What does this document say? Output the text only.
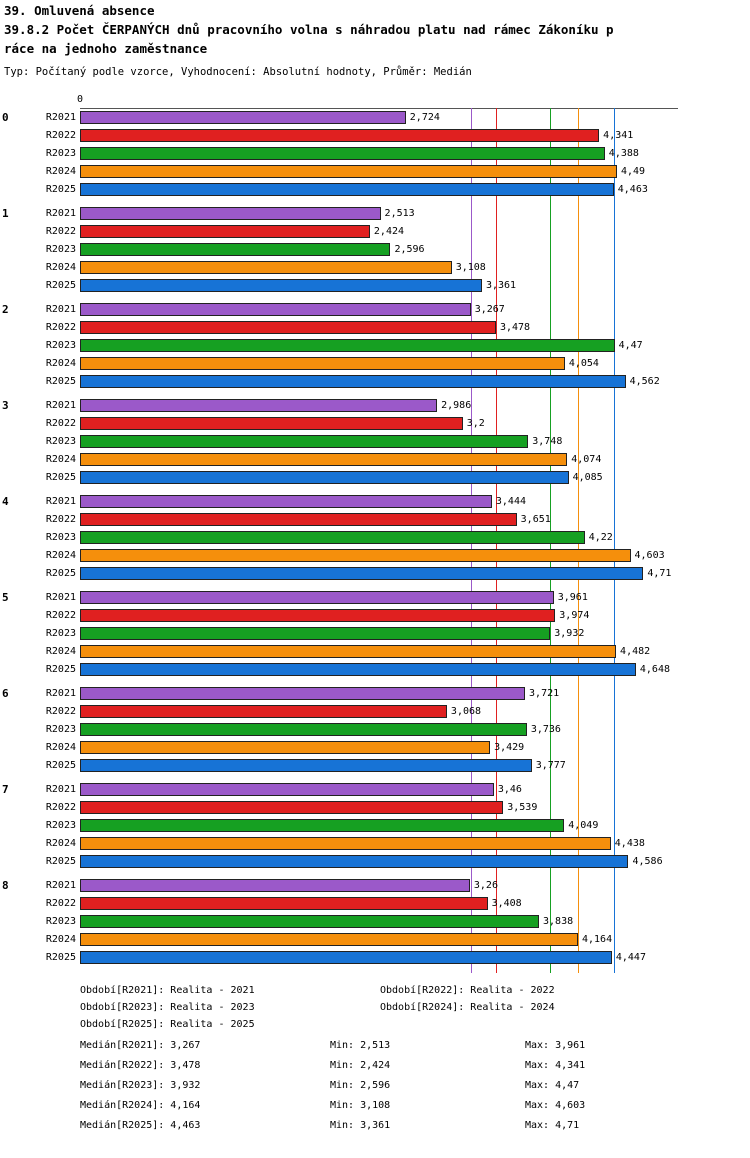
39. Omluvená absence
39.8.2 Počet ČERPANÝCH dnů pracovního volna s náhradou platu nad rámec Zákoníku p
ráce na jednoho zaměstnance
Typ: Počítaný podle vzorce, Vyhodnocení: Absolutní hodnoty, Průměr: Medián
0
0	R2021	2,724
R2022	4,341
R2023	4,388
R2024	4,49
R2025	4,463
1	R2021	2,513
R2022	2,424
R2023	2,596
R2024	3,108
R2025	3,361
2	R2021	3,267
R2022	3,478
R2023	4,47
R2024	4,054
R2025	4,562
3	R2021	2,986
R2022	3,2
R2023	3,748
R2024	4,074
R2025	4,085
4	R2021	3,444
R2022	3,651
R2023	4,22
R2024	4,603
R2025	4,71
5	R2021	3,961
R2022	3,974
R2023	3,932
R2024	4,482
R2025	4,648
6	R2021	3,721
R2022	3,068
R2023	3,736
R2024	3,429
R2025	3,777
7	R2021	3,46
R2022	3,539
R2023	4,049
R2024	4,438
R2025	4,586
8	R2021	3,26
R2022	3,408
R2023	3,838
R2024	4,164
R2025	4,447
Období[R2021]: Realita - 2021	Období[R2022]: Realita - 2022
Období[R2023]: Realita - 2023	Období[R2024]: Realita - 2024
Období[R2025]: Realita - 2025
Medián[R2021]: 3,267	Min: 2,513	Max: 3,961
Medián[R2022]: 3,478	Min: 2,424	Max: 4,341
Medián[R2023]: 3,932	Min: 2,596	Max: 4,47
Medián[R2024]: 4,164	Min: 3,108	Max: 4,603
Medián[R2025]: 4,463	Min: 3,361	Max: 4,71
